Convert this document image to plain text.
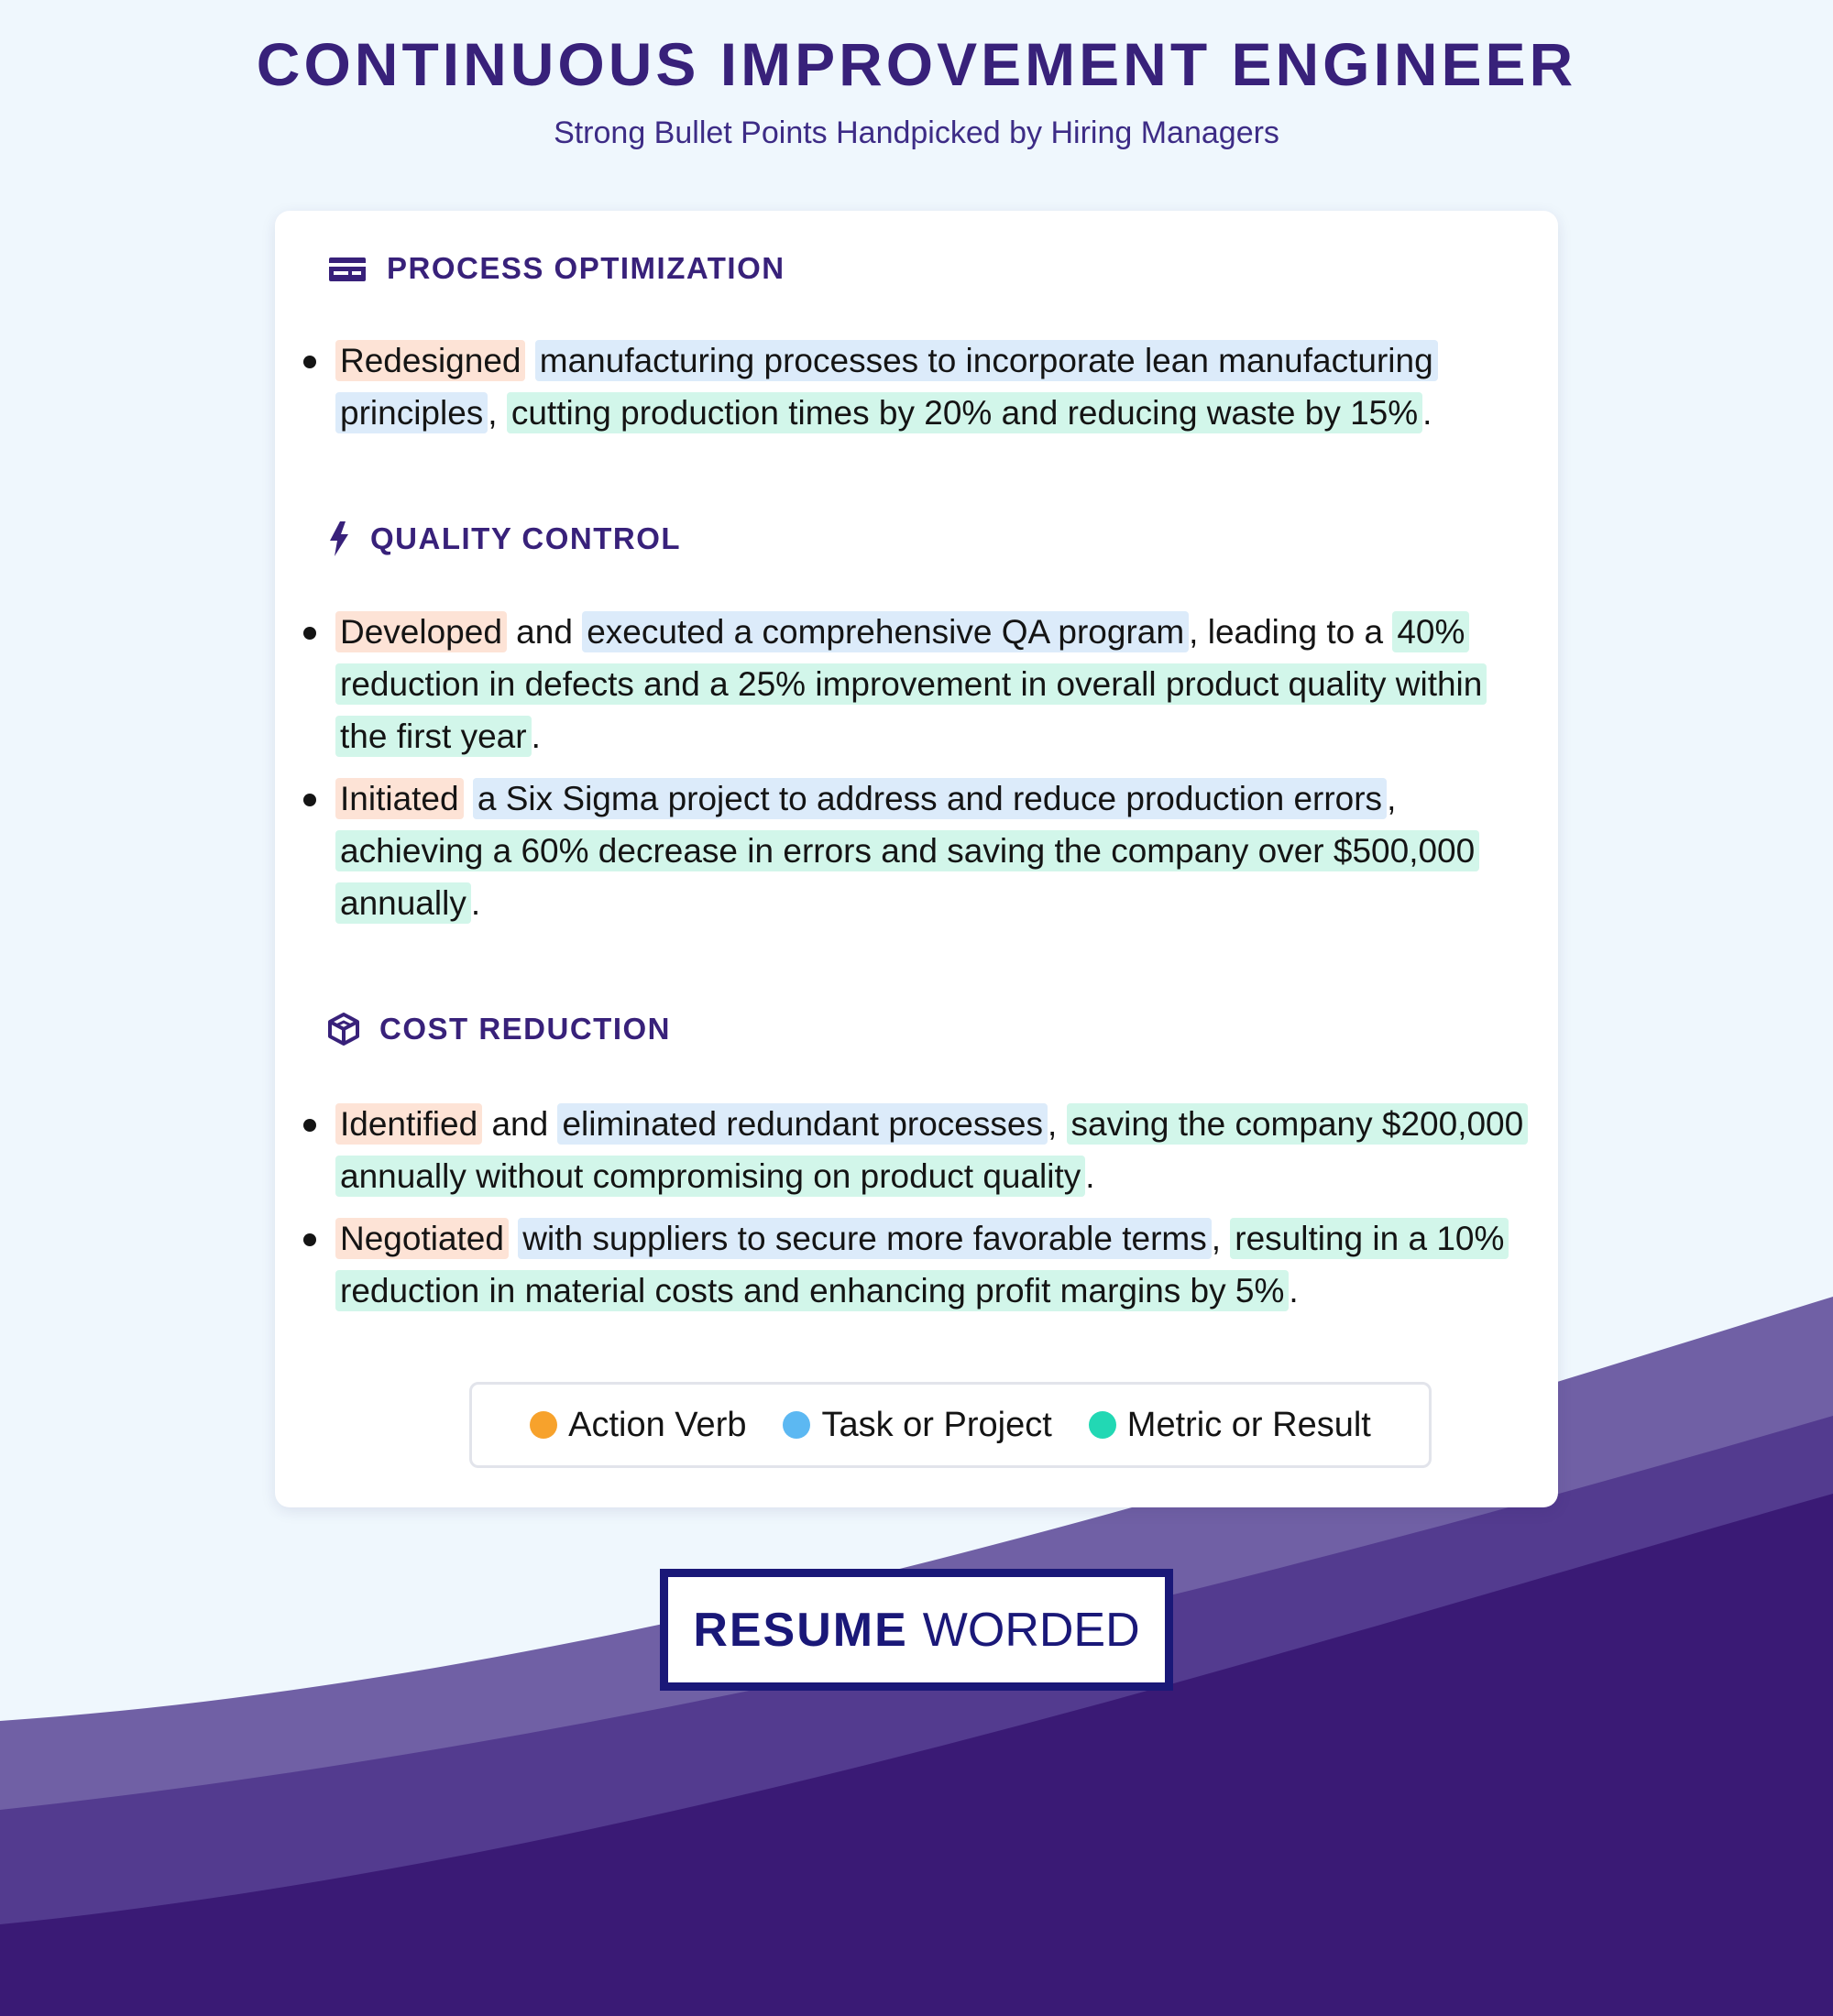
CONTINUOUS IMPROVEMENT ENGINEER

Strong Bullet Points Handpicked by Hiring Managers

PROCESS OPTIMIZATION
Redesigned manufacturing processes to incorporate lean manufacturing principles , cutting production times by 20% and reducing waste by 15% .
QUALITY CONTROL
Developed and executed a comprehensive QA program , leading to a 40% reduction in defects and a 25% improvement in overall product quality within the first year .
Initiated a Six Sigma project to address and reduce production errors , achieving a 60% decrease in errors and saving the company over $500,000 annually .
COST REDUCTION
Identified and eliminated redundant processes , saving the company $200,000 annually without compromising on product quality .
Negotiated with suppliers to secure more favorable terms , resulting in a 10% reduction in material costs and enhancing profit margins by 5% .
Action Verb Task or Project Metric or Result
RESUME WORDED
